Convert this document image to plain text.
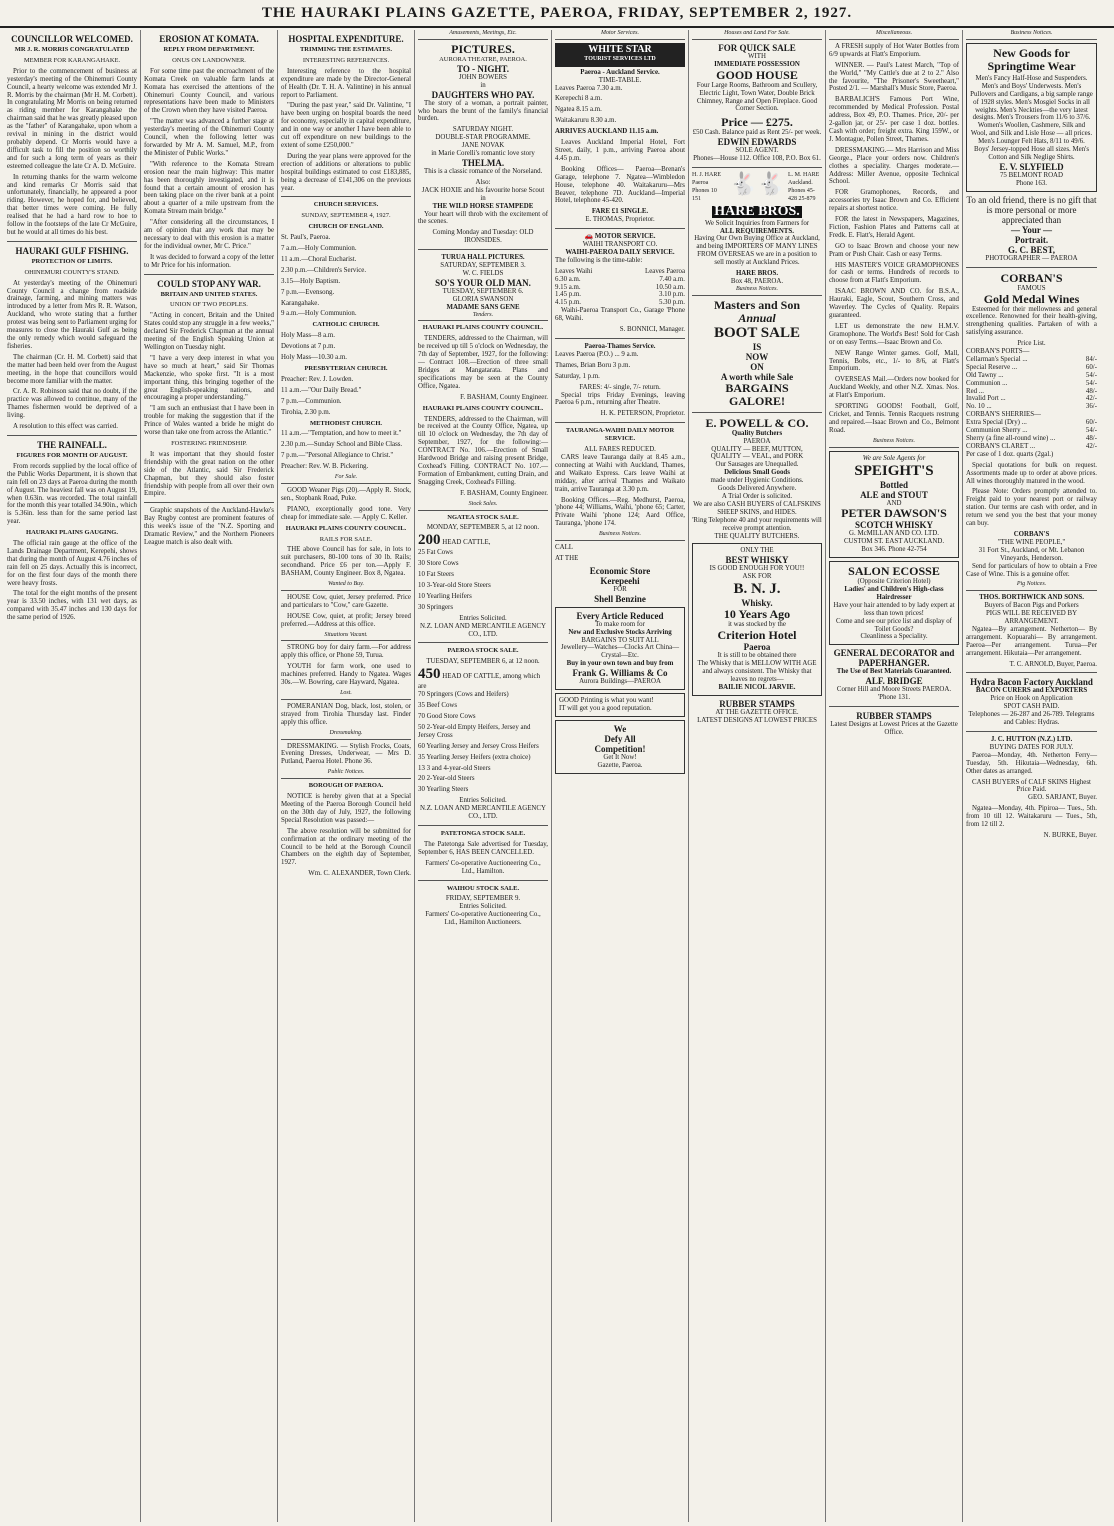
THE HAURAKI PLAINS GAZETTE, PAEROA, FRIDAY, SEPTEMBER 2, 1927.
COUNCILLOR WELCOMED.
MR J. R. MORRIS CONGRATULATED
MEMBER FOR KARANGAHAKE.

Prior to the commencement of business at yesterday's meeting of the Ohinemuri County Council, a hearty welcome was extended Mr J. R. Morris by the chairman (Mr H. M. Corbett). In congratulating Mr Morris on being returned as riding member for Karangahake the chairman said that he was greatly pleased upon as the "father" of Karangahake, upon whom a revival in mining in the district would probably depend. Cr Morris would have a difficult task to fill the position so worthily and for such a long term of years as their esteemed colleague the late Cr A. D. McGuire.

In returning thanks for the warm welcome and kind remarks Cr Morris said that unfortunately, financially, he appeared a poor riding. However, he hoped for, and believed, that better times were coming. He fully realised that he had a hard row to hoe to follow in the footsteps of the late Cr McGuire, but he would at all times do his best.

HAURAKI GULF FISHING.
PROTECTION OF LIMITS.
OHINEMURI COUNTY'S STAND.

At yesterday's meeting of the Ohinemuri County Council a change from roadside drainage, farming, and mining matters was introduced by a letter from Mrs R. R. Watson, Auckland, who wrote stating that a further protest was being sent to Parliament urging for measures to close the Hauraki Gulf as being the only remedy which would safeguard the fisheries.

The chairman (Cr. H. M. Corbett) said that the matter had been held over from the August meeting, in the hope that councillors would become more familiar with the matter.

Cr. A. R. Robinson said that no doubt, if the practice was allowed to continue, many of the Thames fishermen would be deprived of a living.

A resolution to this effect was carried.

THE RAINFALL.
FIGURES FOR MONTH OF AUGUST.

From records supplied by the local office of the Public Works Department, it is shown that rain fell on 23 days at Paeroa during the month of August. The heaviest fall was on August 19, when 0.63in. was recorded. The total rainfall for the month this year totalled 34.90in., which is 5.36in. less than for the same period last year.

HAURAKI PLAINS GAUGING.

The official rain gauge at the office of the Lands Drainage Department, Kerepehi, shows that during the month of August 4.76 inches of rain fell on 25 days. Actually this is incorrect, for on the first four days of the month there were heavy frosts.

The total for the eight months of the present year is 33.50 inches, with 131 wet days, as compared with 35.47 inches and 130 days for the same period of 1926.

EROSION AT KOMATA.
REPLY FROM DEPARTMENT.
ONUS ON LANDOWNER.

For some time past the encroachment of the Komata Creek on valuable farm lands at Komata has exercised the attentions of the Ohinemuri County Council, and various representations have been made to Ministers of the Crown when they have visited Paeroa.

"The matter was advanced a further stage at yesterday's meeting of the Ohinemuri County Council, when the following letter was forwarded by Mr A. M. Samuel, M.P., from the Minister of Public Works."

"With reference to the Komata Stream erosion near the main highway: This matter has been thoroughly investigated, and it is found that a certain amount of erosion has been taking place on the river bank at a point about a quarter of a mile upstream from the Komata Stream main bridge."

"After considering all the circumstances, I am of opinion that any work that may be necessary to deal with this erosion is a matter for the individual owner, Mr C. Price."

It was decided to forward a copy of the letter to Mr Price for his information.

COULD STOP ANY WAR.
BRITAIN AND UNITED STATES.
UNION OF TWO PEOPLES.

"Acting in concert, Britain and the United States could stop any struggle in a few weeks," declared Sir Frederick Chapman at the annual meeting of the English Speaking Union at Wellington on Tuesday night.

"I have a very deep interest in what you have so much at heart," said Sir Thomas Mackenzie, who spoke first. "It is a most important thing, this bringing together of the great English-speaking nations, and encouraging a proper understanding."

"I am such an enthusiast that I have been in trouble for making the suggestion that if the Prince of Wales wanted a bride he might do worse than take one from across the Atlantic."

FOSTERING FRIENDSHIP.

It was important that they should foster friendship with the great nation on the other side of the Atlantic, said Sir Frederick Chapman, but they should also foster friendship with people from all over their own Empire.

Graphic snapshots of the Auckland-Hawke's Bay Rugby contest are prominent features of this week's issue of the "N.Z. Sporting and Dramatic Review," and the Northern Pioneers League match is also dealt with.

HOSPITAL EXPENDITURE.
TRIMMING THE ESTIMATES.
INTERESTING REFERENCES.

Interesting reference to the hospital expenditure are made by the Director-General of Health (Dr. T. H. A. Valintine) in his annual report to Parliament.

"During the past year," said Dr. Valintine, "I have been urging on hospital boards the need for economy, especially in capital expenditure, and in one way or another I have been able to cut off expenditure on new buildings to the extent of some £250,000."

During the year plans were approved for the erection of additions or alterations to public hospital buildings estimated to cost £183,885, being a decrease of £141,306 on the previous year.

CHURCH SERVICES.
SUNDAY, SEPTEMBER 4, 1927.
CHURCH OF ENGLAND.
St. Paul's, Paeroa.
7 a.m.—Holy Communion.
11 a.m.—Choral Eucharist.
2.30 p.m.—Children's Service.
3.15—Holy Baptism.
7 p.m.—Evensong.
Karangahake.
9 a.m.—Holy Communion.
CATHOLIC CHURCH.
Holy Mass—8 a.m.
Devotions at 7 p.m.
Holy Mass—10.30 a.m.
PRESBYTERIAN CHURCH.
Preacher: Rev. J. Lowden.
11 a.m.—"Our Daily Bread."
7 p.m.—Communion.
Tirohia, 2.30 p.m.
METHODIST CHURCH.
11 a.m.—"Temptation, and how to meet it."
2.30 p.m.—Sunday School and Bible Class.
7 p.m.—"Personal Allegiance to Christ."
Preacher: Rev. W. B. Pickering.
For Sale.

GOOD Weaner Pigs (20).—Apply R. Stock, sen., Stopbank Road, Puke.

PIANO, exceptionally good tone. Very cheap for immediate sale. — Apply C. Keller.

HAURAKI PLAINS COUNTY COUNCIL.
RAILS FOR SALE.

THE above Council has for sale, in lots to suit purchasers, 80-100 tons of 30 lb. Rails; secondhand. Price £6 per ton.—Apply F. BASHAM, County Engineer. Box 8, Ngatea.

Wanted to Buy.

HOUSE Cow, quiet, Jersey preferred. Price and particulars to "Cow," care Gazette.

HOUSE Cow, quiet, at profit; Jersey breed preferred.—Address at this office.

Situations Vacant.

STRONG boy for dairy farm.—For address apply this office, or Phone 59, Turua.

YOUTH for farm work, one used to machines preferred. Handy to Ngatea. Wages 30s.—W. Bowring, care Hayward, Ngatea.

Lost.

POMERANIAN Dog, black, lost, stolen, or strayed from Tirohia Thursday last. Finder apply this office.

Dressmaking.

DRESSMAKING. — Stylish Frocks, Coats, Evening Dresses, Underwear, — Mrs D. Putland, Paeroa Hotel. Phone 36.

Public Notices.
BOROUGH OF PAEROA.

NOTICE is hereby given that at a Special Meeting of the Paeroa Borough Council held on the 30th day of July, 1927, the following Special Resolution was passed:—

The above resolution will be submitted for confirmation at the ordinary meeting of the Council to be held at the Borough Council Chambers on the eighth day of September, 1927.

Wm. C. ALEXANDER, Town Clerk.
Amusements, Meetings, Etc.
PICTURES.
AURORA THEATRE, PAEROA.
TO - NIGHT.
JOHN BOWERS
in
DAUGHTERS WHO PAY.

The story of a woman, a portrait painter, who bears the brunt of the family's financial burden.

SATURDAY NIGHT.
DOUBLE-STAR PROGRAMME.
JANE NOVAK
in Marie Corelli's romantic love story
THELMA.

This is a classic romance of the Norseland.

Also:
JACK HOXIE and his favourite horse Scout
in
THE WILD HORSE STAMPEDE

Your heart will throb with the excitement of the scenes.

Coming Monday and Tuesday: OLD IRONSIDES.
TURUA HALL PICTURES.
SATURDAY, SEPTEMBER 3.
W. C. FIELDS
SO'S YOUR OLD MAN.
TUESDAY, SEPTEMBER 6.
GLORIA SWANSON
MADAME SANS GENE
Tenders.
HAURAKI PLAINS COUNTY COUNCIL.

TENDERS, addressed to the Chairman, will be received up till 5 o'clock on Wednesday, the 7th day of September, 1927, for the following:— Contract 108.—Erection of three small Bridges at Mangatarata. Plans and specifications may be seen at the County Office, Ngatea.

F. BASHAM, County Engineer.
HAURAKI PLAINS COUNTY COUNCIL.

TENDERS, addressed to the Chairman, will be received at the County Office, Ngatea, up till 10 o'clock on Wednesday, the 7th day of September, 1927, for the following:— CONTRACT No. 106.—Erection of Small Hardwood Bridge and raising present Bridge, Coxhead's Filling. CONTRACT No. 107.—Formation of Embankment, cutting Drain, and Snagging Creek, Coxhead's Filling.

F. BASHAM, County Engineer.
Stock Sales.
NGATEA STOCK SALE.
MONDAY, SEPTEMBER 5, at 12 noon.
200 HEAD CATTLE,
25 Fat Cows
30 Store Cows
10 Fat Steers
10 3-Year-old Store Steers
10 Yearling Heifers
30 Springers
Entries Solicited.
N.Z. LOAN AND MERCANTILE AGENCY CO., LTD.
PAEROA STOCK SALE.
TUESDAY, SEPTEMBER 6, at 12 noon.
450 HEAD OF CATTLE, among which are
70 Springers (Cows and Heifers)
35 Beef Cows
70 Good Store Cows
50 2-Year-old Empty Heifers, Jersey and Jersey Cross
60 Yearling Jersey and Jersey Cross Heifers
35 Yearling Jersey Heifers (extra choice)
13 3 and 4-year-old Steers
20 2-Year-old Steers
30 Yearling Steers
Entries Solicited.
N.Z. LOAN AND MERCANTILE AGENCY CO., LTD.
PATETONGA STOCK SALE.

The Patetonga Sale advertised for Tuesday, September 6, HAS BEEN CANCELLED.

Farmers' Co-operative Auctioneering Co., Ltd., Hamilton.
WAIHOU STOCK SALE.
FRIDAY, SEPTEMBER 9.
Entries Solicited.
Farmers' Co-operative Auctioneering Co., Ltd., Hamilton Auctioneers.
Motor Services.
WHITE STAR
TOURIST SERVICES LTD
Paeroa - Auckland Service.
TIME-TABLE.
Leaves Paeroa 7.30 a.m.
Kerepechi 8 a.m.
Ngatea 8.15 a.m.
Waitakaruru 8.30 a.m.
ARRIVES AUCKLAND 11.15 a.m.

Leaves Auckland Imperial Hotel, Fort Street, daily, 1 p.m., arriving Paeroa about 4.45 p.m.

Booking Offices— Paeroa—Brenan's Garage, telephone 7. Ngatea—Wimbledon House, telephone 40. Waitakaruru—Mrs Beaver, telephone 7D. Auckland—Imperial Hotel, telephone 45-420.

FARE £1 SINGLE.
E. THOMAS, Proprietor.
🚗 MOTOR SERVICE.
WAIHI TRANSPORT CO.
WAIHI-PAEROA DAILY SERVICE.
The following is the time-table:
Leaves Waihi	Leaves Paeroa
6.30 a.m.	7.40 a.m.
9.15 a.m.	10.50 a.m.
1.45 p.m.	3.10 p.m.
4.15 p.m.	5.30 p.m.

Waihi-Paeroa Transport Co., Garage 'Phone 68, Waihi.

S. BONNICI, Manager.
Paeroa-Thames Service.
Leaves Paeroa (P.O.) ... 9 a.m.
Thames, Brian Boru 3 p.m.
Saturday, 1 p.m.
FARES: 4/- single, 7/- return.

Special trips Friday Evenings, leaving Paeroa 6 p.m., returning after Theatre.

H. K. PETERSON, Proprietor.
TAURANGA-WAIHI DAILY MOTOR SERVICE.
ALL FARES REDUCED.

CARS leave Tauranga daily at 8.45 a.m., connecting at Waihi with Auckland, Thames, and Waikato Express. Cars leave Waihi at midday, after arrival Thames and Waikato train, arrive Tauranga at 3.30 p.m.

Booking Offices.—Reg. Medhurst, Paeroa, 'phone 44; Williams, Waihi, 'phone 65; Carter, Private Waihi 'phone 124; Aard Office, Tauranga, 'phone 174.

Business Notices.
CALL
AT THE
Economic Store
Kerepeehi
FOR
Shell Benzine
Every Article Reduced
To make room for
New and Exclusive Stocks Arriving
BARGAINS TO SUIT ALL
Jewellery—Watches—Clocks Art China—Crystal—Etc.
Buy in your own town and buy from
Frank G. Williams & Co
Aurora Buildings—PAEROA
GOOD Printing is what you want!
IT will get you a good reputation.
We
Defy All
Competition!
Get It Now!
Gazette, Paeroa.
Houses and Land For Sale.
FOR QUICK SALE
WITH
IMMEDIATE POSSESSION
GOOD HOUSE

Four Large Rooms, Bathroom and Scullery, Electric Light, Town Water, Double Brick Chimney, Range and Open Fireplace. Good Corner Section.

Price — £275.
£50 Cash. Balance paid as Rent 25/- per week.
EDWIN EDWARDS
SOLE AGENT.
Phones—House 112. Office 108, P.O. Box 61.
H. J. HARE Paeroa Phones 10 151
🐇🐇 L. M. HARE Auckland. Phones 45-428 25-879
HARE BROS.
We Solicit Inquiries from Farmers for
ALL REQUIREMENTS.

Having Our Own Buying Office at Auckland, and being IMPORTERS OF MANY LINES FROM OVERSEAS we are in a position to sell mostly at Auckland Prices.

HARE BROS.
Box 48, PAEROA.
Business Notices.
Masters and Son
Annual
BOOT SALE
IS
NOW
ON
A worth while Sale
BARGAINS
GALORE!
E. POWELL & CO.
Quality Butchers
PAEROA
QUALITY — BEEF, MUTTON,
QUALITY — VEAL, and PORK
Our Sausages are Unequalled.
Delicious Small Goods
made under Hygienic Conditions.
Goods Delivered Anywhere.
A Trial Order is solicited.
We are also CASH BUYERS of CALFSKINS SHEEP SKINS, and HIDES.
'Ring Telephone 40 and your requirements will receive prompt attention.
THE QUALITY BUTCHERS.
ONLY THE
BEST WHISKY
IS GOOD ENOUGH FOR YOU!!
ASK FOR
B. N. J.
Whisky.
10 Years Ago
it was stocked by the
Criterion Hotel
Paeroa
It is still to be obtained there
The Whisky that is MELLOW WITH AGE and always consistent. The Whisky that leaves no regrets—
BAILIE NICOL JARVIE.
RUBBER STAMPS
AT THE GAZETTE OFFICE.
LATEST DESIGNS AT LOWEST PRICES
Miscellaneous.

A FRESH supply of Hot Water Bottles from 6/9 upwards at Flatt's Emporium.

WINNER. — Paul's Latest March, "Top of the World," "My Cattle's due at 2 to 2." Also the favourite, "The Prisoner's Sweetheart," Posted 2/1. — Marshall's Music Store, Paeroa.

BARBALICH'S Famous Port Wine, recommended by Medical Profession. Postal address, Box 49, P.O. Thames. Price, 20/- per 2-gallon jar, or 25/- per case 1 doz. bottles. Cash with order; freight extra. King 159W., or J. Montague, Pollen Street, Thames.

DRESSMAKING.— Mrs Harrison and Miss George., Place your orders now. Children's clothes a speciality. Charges moderate.— Address: Miller Avenue, opposite Technical School.

FOR Gramophones, Records, and accessories try Isaac Brown and Co. Efficient repairs at shortest notice.

FOR the latest in Newspapers, Magazines, Fiction, Fashion Plates and Patterns call at Fredk. E. Flatt's, Herald Agent.

GO to Isaac Brown and choose your new Pram or Push Chair. Cash or easy Terms.

HIS MASTER'S VOICE GRAMOPHONES for cash or terms. Hundreds of records to choose from at Flatt's Emporium.

ISAAC BROWN AND CO. for B.S.A., Hauraki, Eagle, Scout, Southern Cross, and Waverley. The Cycles of Quality. Repairs guaranteed.

LET us demonstrate the new H.M.V. Gramophone. The World's Best! Sold for Cash or on easy Terms.—Isaac Brown and Co.

NEW Range Winter games. Golf, Mall, Tennis, Bobs, etc., 1/- to 8/6, at Flatt's Emporium.

OVERSEAS Mail.—Orders now booked for Auckland Weekly, and other N.Z. Xmas. Nos. at Flatt's Emporium.

SPORTING GOODS! Football, Golf, Cricket, and Tennis. Tennis Racquets restrung and repaired.—Isaac Brown and Co., Belmont Road.

Business Notices.
We are Sole Agents for
SPEIGHT'S
Bottled
ALE and STOUT
AND
PETER DAWSON'S
SCOTCH WHISKY
G. McMILLAN AND CO. LTD.
CUSTOM ST. EAST AUCKLAND.
Box 346. Phone 42-754
SALON ECOSSE
(Opposite Criterion Hotel)
Ladies' and Children's High-class Hairdresser
Have your hair attended to by lady expert at less than town prices!
Come and see our price list and display of Toilet Goods?
Cleanliness a Speciality.
GENERAL DECORATOR and PAPERHANGER.
The Use of Best Materials Guaranteed.
ALF. BRIDGE
Corner Hill and Moore Streets PAEROA.
'Phone 131.
RUBBER STAMPS
Latest Designs at Lowest Prices at the Gazette Office.
Business Notices.
New Goods for Springtime Wear
Men's Fancy Half-Hose and Suspenders. Men's and Boys' Underwests. Men's Pullovers and Cardigans, a big sample range of 1928 styles. Men's Mosgiel Socks in all weights. Men's Neckties—the very latest designs. Men's Trousers from 11/6 to 37/6. Women's Woollen, Cashmere, Silk and Wool, and Silk and Lisle Hose — all prices. Men's Lounger Felt Hats, 8/11 to 49/6. Boys' Jersey-topped Hose all sizes. Men's Cotton and Silk Neglige Shirts.
E. V. SLYFIELD
75 BELMONT ROAD
Phone 163.
To an old friend, there is no gift that is more personal or more appreciated than
— Your —
Portrait.
G. C. BEST,
PHOTOGRAPHER — PAEROA
CORBAN'S
FAMOUS
Gold Medal Wines

Esteemed for their mellowness and general excellence. Renowned for their health-giving, strengthening qualities. Partaken of with a satisfying assurance.

Price List.
CORBAN'S PORTS—
Cellarman's Special ...	84/-
Special Reserve ...	60/-
Old Tawny ...	54/-
Communion ...	54/-
Red ...	48/-
Invalid Port ...	42/-
No. 10 ...	36/-
CORBAN'S SHERRIES—
Extra Special (Dry) ...	60/-
Communion Sherry ...	54/-
Sherry (a fine all-round wine) ...	48/-
CORBAN'S CLARET ...	42/-
Per case of 1 doz. quarts (2gal.)

Special quotations for bulk on request. Assortments made up to order at above prices. All wines thoroughly matured in the wood.

Please Note: Orders promptly attended to. Freight paid to your nearest port or railway station. Our terms are cash with order, and in return we send you the best that your money can buy.

CORBAN'S
"THE WINE PEOPLE,"
31 Fort St., Auckland, or Mt. Lebanon Vineyards, Henderson.

Send for particulars of how to obtain a Free Case of Wine. This is a genuine offer.

Pig Notices.
THOS. BORTHWICK AND SONS.
Buyers of Bacon Pigs and Porkers
PIGS WILL BE RECEIVED BY ARRANGEMENT.

Ngatea—By arrangement. Netherton— By arrangement. Kopuarahi— By arrangement. Paeroa—Per arrangement. Turua—Per arrangement. Hikutaia—Per arrangement.

T. C. ARNOLD, Buyer, Paeroa.
Hydra Bacon Factory Auckland
BACON CURERS and EXPORTERS
Price on Hook on Application
SPOT CASH PAID.
Telephones — 26-287 and 26-789. Telegrams and Cables: Hydras.
J. C. HUTTON (N.Z.) LTD.
BUYING DATES FOR JULY.

Paeroa—Monday, 4th. Netherton Ferry—Tuesday, 5th. Hikutaia—Wednesday, 6th. Other dates as arranged.

CASH BUYERS of CALF SKINS Highest Price Paid.
GEO. SARJANT, Buyer.

Ngatea—Monday, 4th. Pipiroa— Tues., 5th. from 10 till 12. Waitakaruru — Tues., 5th, from 12 till 2.

N. BURKE, Buyer.
